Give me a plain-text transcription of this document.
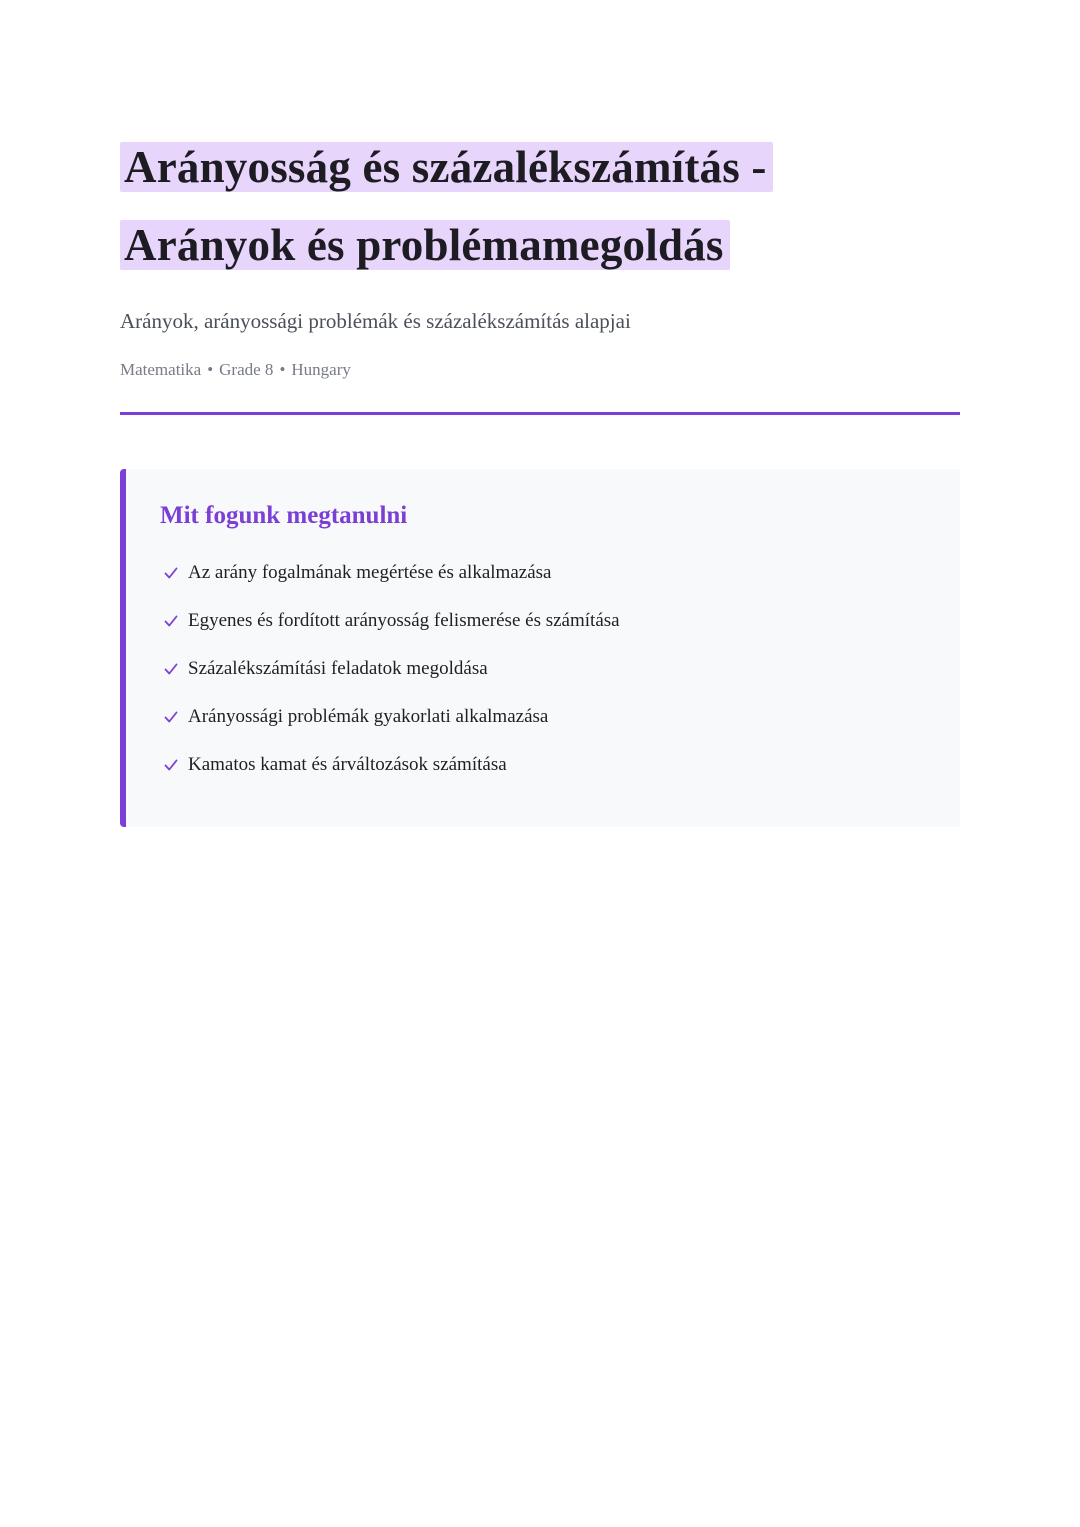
Arányosság és százalékszámítás -
Arányok és problémamegoldás

Arányok, arányossági problémák és százalékszámítás alapjai

Matematika • Grade 8 • Hungary

Mit fogunk megtanulni
Az arány fogalmának megértése és alkalmazása
Egyenes és fordított arányosság felismerése és számítása
Százalékszámítási feladatok megoldása
Arányossági problémák gyakorlati alkalmazása
Kamatos kamat és árváltozások számítása
